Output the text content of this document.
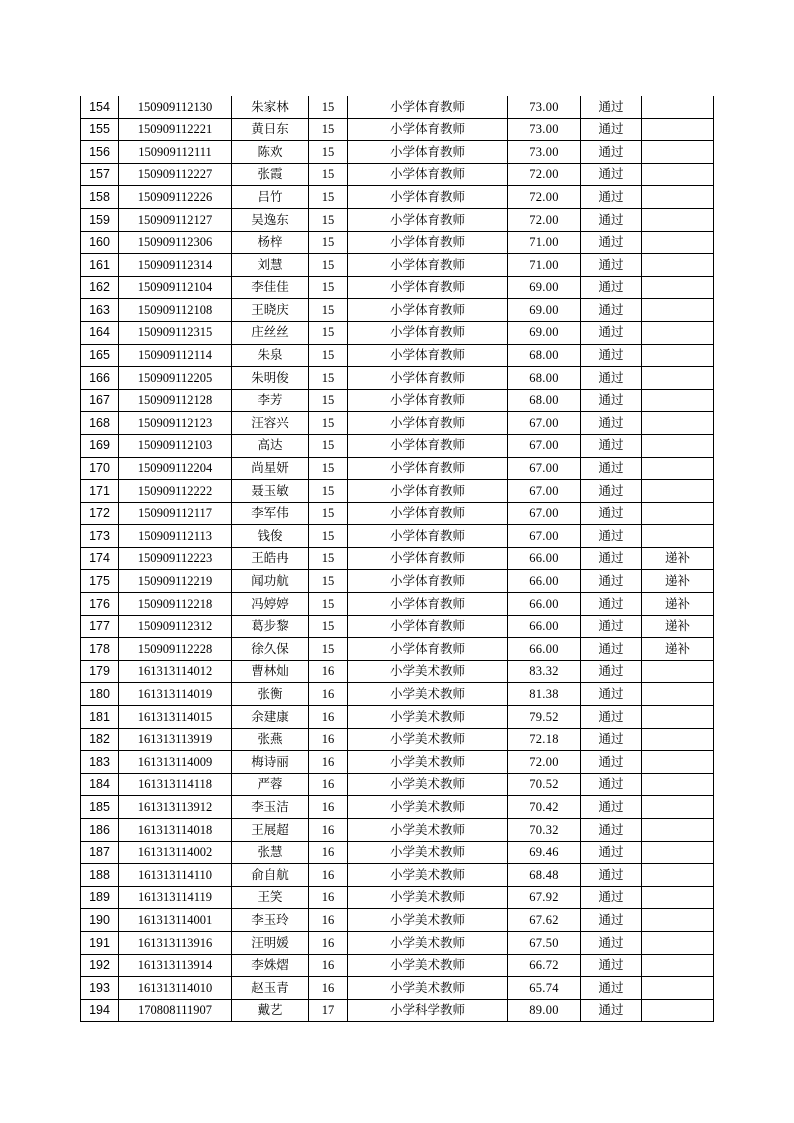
154	150909112130	朱家林	15	小学体育教师	73.00	通过	
155	150909112221	黄日东	15	小学体育教师	73.00	通过	
156	150909112111	陈欢	15	小学体育教师	73.00	通过	
157	150909112227	张霞	15	小学体育教师	72.00	通过	
158	150909112226	吕竹	15	小学体育教师	72.00	通过	
159	150909112127	吴逸东	15	小学体育教师	72.00	通过	
160	150909112306	杨梓	15	小学体育教师	71.00	通过	
161	150909112314	刘慧	15	小学体育教师	71.00	通过	
162	150909112104	李佳佳	15	小学体育教师	69.00	通过	
163	150909112108	王晓庆	15	小学体育教师	69.00	通过	
164	150909112315	庄丝丝	15	小学体育教师	69.00	通过	
165	150909112114	朱泉	15	小学体育教师	68.00	通过	
166	150909112205	朱明俊	15	小学体育教师	68.00	通过	
167	150909112128	李芳	15	小学体育教师	68.00	通过	
168	150909112123	汪容兴	15	小学体育教师	67.00	通过	
169	150909112103	高达	15	小学体育教师	67.00	通过	
170	150909112204	尚星妍	15	小学体育教师	67.00	通过	
171	150909112222	聂玉敏	15	小学体育教师	67.00	通过	
172	150909112117	李军伟	15	小学体育教师	67.00	通过	
173	150909112113	钱俊	15	小学体育教师	67.00	通过	
174	150909112223	王皓冉	15	小学体育教师	66.00	通过	递补
175	150909112219	闻功航	15	小学体育教师	66.00	通过	递补
176	150909112218	冯婷婷	15	小学体育教师	66.00	通过	递补
177	150909112312	葛步黎	15	小学体育教师	66.00	通过	递补
178	150909112228	徐久保	15	小学体育教师	66.00	通过	递补
179	161313114012	曹林灿	16	小学美术教师	83.32	通过	
180	161313114019	张衡	16	小学美术教师	81.38	通过	
181	161313114015	余建康	16	小学美术教师	79.52	通过	
182	161313113919	张燕	16	小学美术教师	72.18	通过	
183	161313114009	梅诗丽	16	小学美术教师	72.00	通过	
184	161313114118	严蓉	16	小学美术教师	70.52	通过	
185	161313113912	李玉洁	16	小学美术教师	70.42	通过	
186	161313114018	王展超	16	小学美术教师	70.32	通过	
187	161313114002	张慧	16	小学美术教师	69.46	通过	
188	161313114110	俞自航	16	小学美术教师	68.48	通过	
189	161313114119	王笑	16	小学美术教师	67.92	通过	
190	161313114001	李玉玲	16	小学美术教师	67.62	通过	
191	161313113916	汪明媛	16	小学美术教师	67.50	通过	
192	161313113914	李姝熠	16	小学美术教师	66.72	通过	
193	161313114010	赵玉青	16	小学美术教师	65.74	通过	
194	170808111907	戴艺	17	小学科学教师	89.00	通过	
